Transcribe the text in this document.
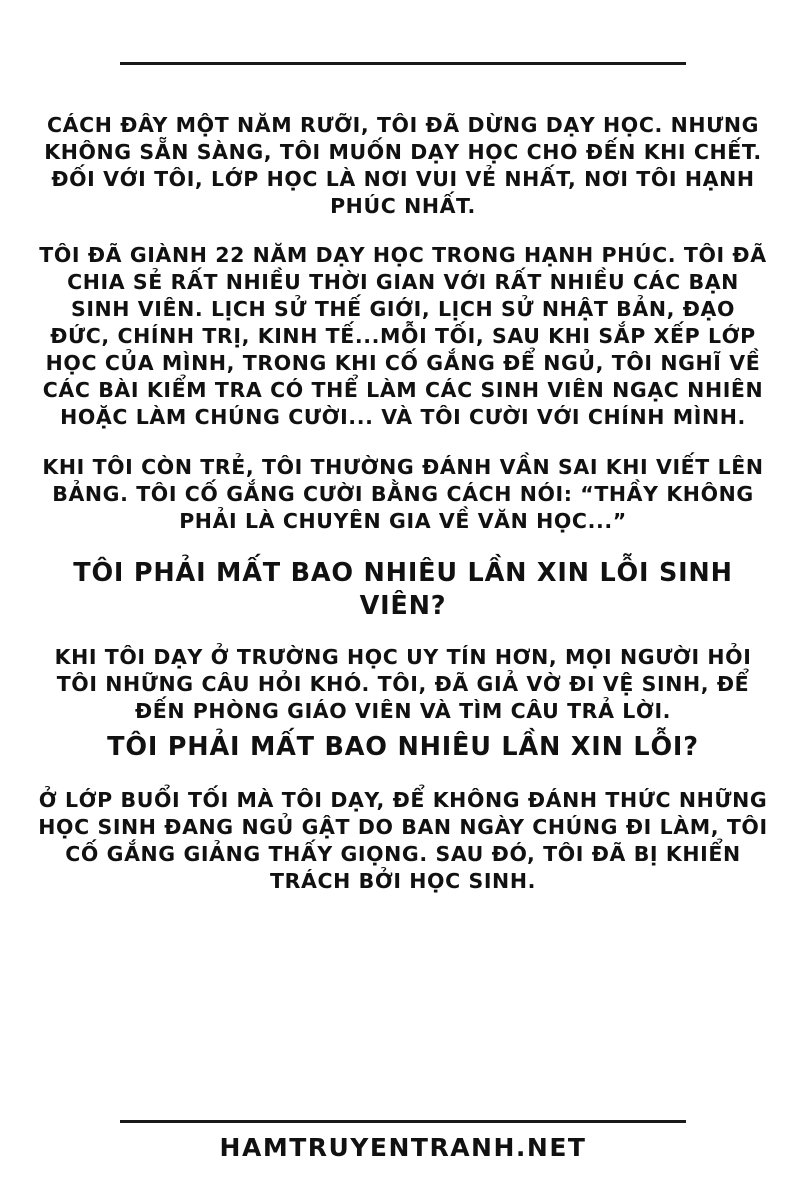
CÁCH ĐÂY MỘT NĂM RƯỠI, TÔI ĐÃ DỪNG DẠY HỌC. NHƯNG KHÔNG SẴN SÀNG, TÔI MUỐN DẠY HỌC CHO ĐẾN KHI CHẾT. ĐỐI VỚI TÔI, LỚP HỌC LÀ NƠI VUI VẺ NHẤT, NƠI TÔI HẠNH PHÚC NHẤT.

TÔI ĐÃ GIÀNH 22 NĂM DẠY HỌC TRONG HẠNH PHÚC. TÔI ĐÃ CHIA SẺ RẤT NHIỀU THỜI GIAN VỚI RẤT NHIỀU CÁC BẠN SINH VIÊN. LỊCH SỬ THẾ GIỚI, LỊCH SỬ NHẬT BẢN, ĐẠO ĐỨC, CHÍNH TRỊ, KINH TẾ...MỖI TỐI, SAU KHI SẮP XẾP LỚP HỌC CỦA MÌNH, TRONG KHI CỐ GẮNG ĐỂ NGỦ, TÔI NGHĨ VỀ CÁC BÀI KIỂM TRA CÓ THỂ LÀM CÁC SINH VIÊN NGẠC NHIÊN HOẶC LÀM CHÚNG CƯỜI... VÀ TÔI CƯỜI VỚI CHÍNH MÌNH.

KHI TÔI CÒN TRẺ, TÔI THƯỜNG ĐÁNH VẦN SAI KHI VIẾT LÊN BẢNG. TÔI CỐ GẮNG CƯỜI BẰNG CÁCH NÓI: “THẦY KHÔNG PHẢI LÀ CHUYÊN GIA VỀ VĂN HỌC...”

TÔI PHẢI MẤT BAO NHIÊU LẦN XIN LỖI SINH VIÊN?

KHI TÔI DẠY Ở TRƯỜNG HỌC UY TÍN HƠN, MỌI NGƯỜI HỎI TÔI NHỮNG CÂU HỎI KHÓ. TÔI, ĐÃ GIẢ VỜ ĐI VỆ SINH, ĐỂ ĐẾN PHÒNG GIÁO VIÊN VÀ TÌM CÂU TRẢ LỜI.

TÔI PHẢI MẤT BAO NHIÊU LẦN XIN LỖI?

Ở LỚP BUỔI TỐI MÀ TÔI DẠY, ĐỂ KHÔNG ĐÁNH THỨC NHỮNG HỌC SINH ĐANG NGỦ GẬT DO BAN NGÀY CHÚNG ĐI LÀM, TÔI CỐ GẮNG GIẢNG THẤY GIỌNG. SAU ĐÓ, TÔI ĐÃ BỊ KHIỂN TRÁCH BỞI HỌC SINH.

HAMTRUYENTRANH.NET
